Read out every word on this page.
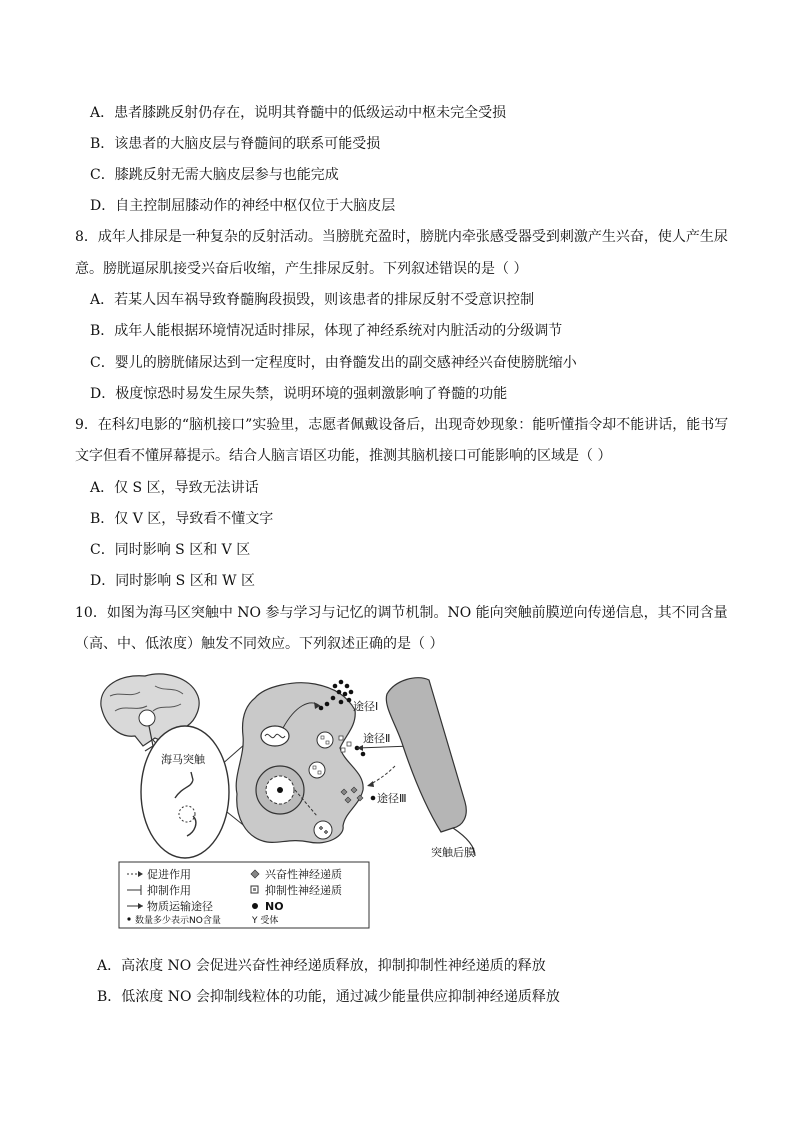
A．患者膝跳反射仍存在，说明其脊髓中的低级运动中枢未完全受损
B．该患者的大脑皮层与脊髓间的联系可能受损
C．膝跳反射无需大脑皮层参与也能完成
D．自主控制屈膝动作的神经中枢仅位于大脑皮层
8．成年人排尿是一种复杂的反射活动。当膀胱充盈时，膀胱内牵张感受器受到刺激产生兴奋，使人产生尿
意。膀胱逼尿肌接受兴奋后收缩，产生排尿反射。下列叙述错误的是（ ）
A．若某人因车祸导致脊髓胸段损毁，则该患者的排尿反射不受意识控制
B．成年人能根据环境情况适时排尿，体现了神经系统对内脏活动的分级调节
C．婴儿的膀胱储尿达到一定程度时，由脊髓发出的副交感神经兴奋使膀胱缩小
D．极度惊恐时易发生尿失禁，说明环境的强刺激影响了脊髓的功能
9．在科幻电影的“脑机接口”实验里，志愿者佩戴设备后，出现奇妙现象：能听懂指令却不能讲话，能书写
文字但看不懂屏幕提示。结合人脑言语区功能，推测其脑机接口可能影响的区域是（ ）
A．仅 S 区，导致无法讲话
B．仅 V 区，导致看不懂文字
C．同时影响 S 区和 V 区
D．同时影响 S 区和 W 区
10．如图为海马区突触中 NO 参与学习与记忆的调节机制。NO 能向突触前膜逆向传递信息，其不同含量
（高、中、低浓度）触发不同效应。下列叙述正确的是（ ）
海马突触
途径Ⅰ
途径Ⅱ
途径Ⅲ
突触后膜
促进作用
抑制作用
物质运输途径
数量多少表示NO含量
兴奋性神经递质
抑制性神经递质
NO
Y 受体
A．高浓度 NO 会促进兴奋性神经递质释放，抑制抑制性神经递质的释放
B．低浓度 NO 会抑制线粒体的功能，通过减少能量供应抑制神经递质释放
